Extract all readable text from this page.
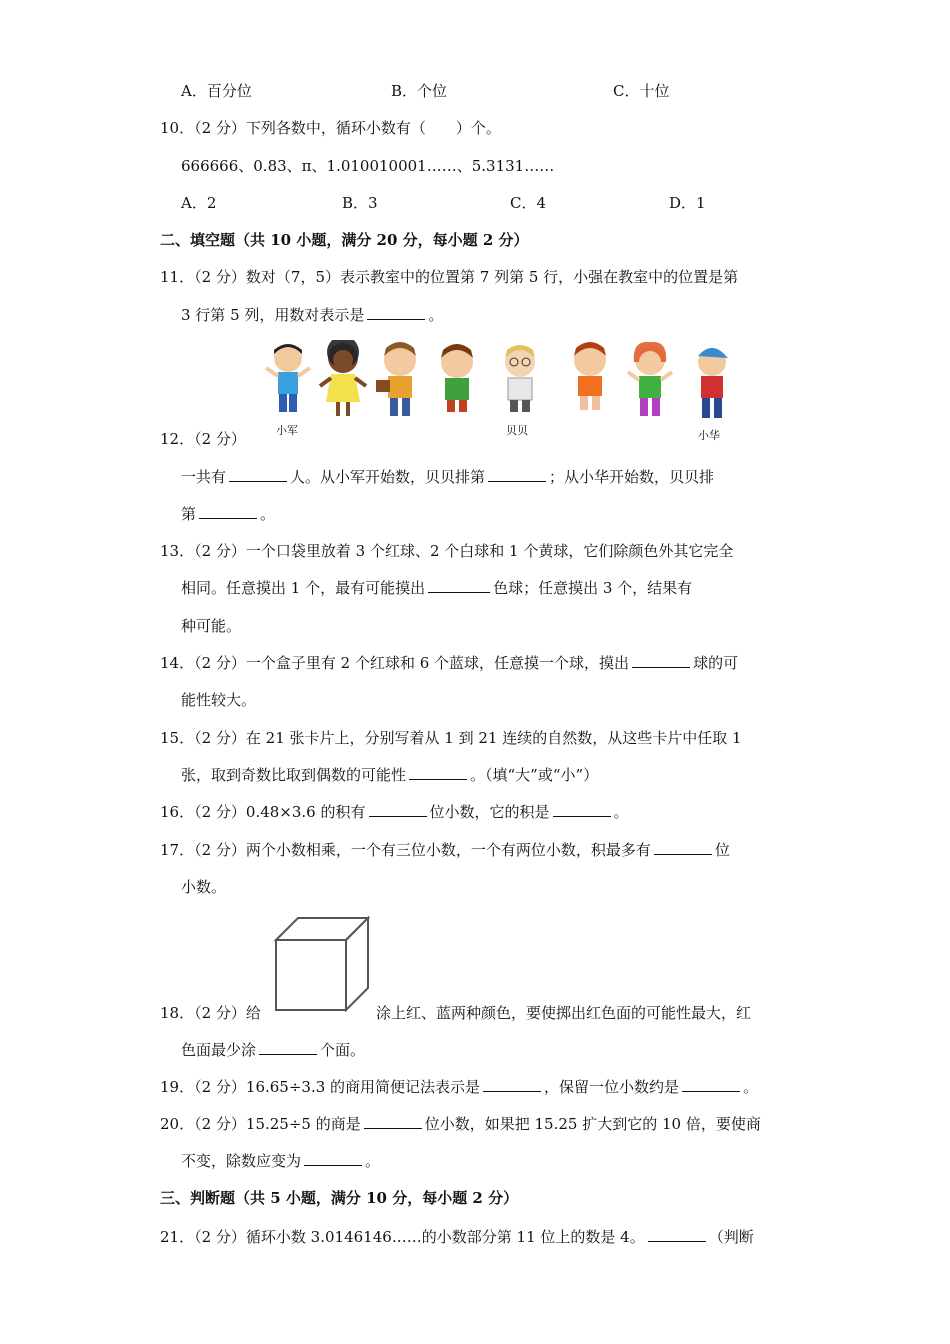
A．百分位	B．个位	C．十位
10．（2 分）下列各数中，循环小数有（　　）个。
666666、0.83、π、1.010010001……、5.3131……
A．2	B．3	C．4	D．1
二、填空题（共 10 小题，满分 20 分，每小题 2 分）
11．（2 分）数对（7，5）表示教室中的位置第 7 列第 5 行，小强在教室中的位置是第
3 行第 5 列，用数对表示是	。
小军	贝贝	小华
12．（2 分）
一共有	人。从小军开始数，贝贝排第	；从小华开始数，贝贝排
第	。
13．（2 分）一个口袋里放着 3 个红球、2 个白球和 1 个黄球，它们除颜色外其它完全
相同。任意摸出 1 个，最有可能摸出	色球；任意摸出 3 个，结果有
种可能。
14．（2 分）一个盒子里有 2 个红球和 6 个蓝球，任意摸一个球，摸出	球的可
能性较大。
15．（2 分）在 21 张卡片上，分别写着从 1 到 21 连续的自然数，从这些卡片中任取 1
张，取到奇数比取到偶数的可能性	。（填“大”或“小”）
16．（2 分）0.48×3.6 的积有	位小数，它的积是	。
17．（2 分）两个小数相乘，一个有三位小数，一个有两位小数，积最多有	位
小数。
18．（2 分）给	涂上红、蓝两种颜色，要使掷出红色面的可能性最大，红
色面最少涂	个面。
19．（2 分）16.65÷3.3 的商用简便记法表示是	，保留一位小数约是	。
20．（2 分）15.25÷5 的商是	位小数，如果把 15.25 扩大到它的 10 倍，要使商
不变，除数应变为	。
三、判断题（共 5 小题，满分 10 分，每小题 2 分）
21．（2 分）循环小数 3.0146146……的小数部分第 11 位上的数是 4。	（判断
